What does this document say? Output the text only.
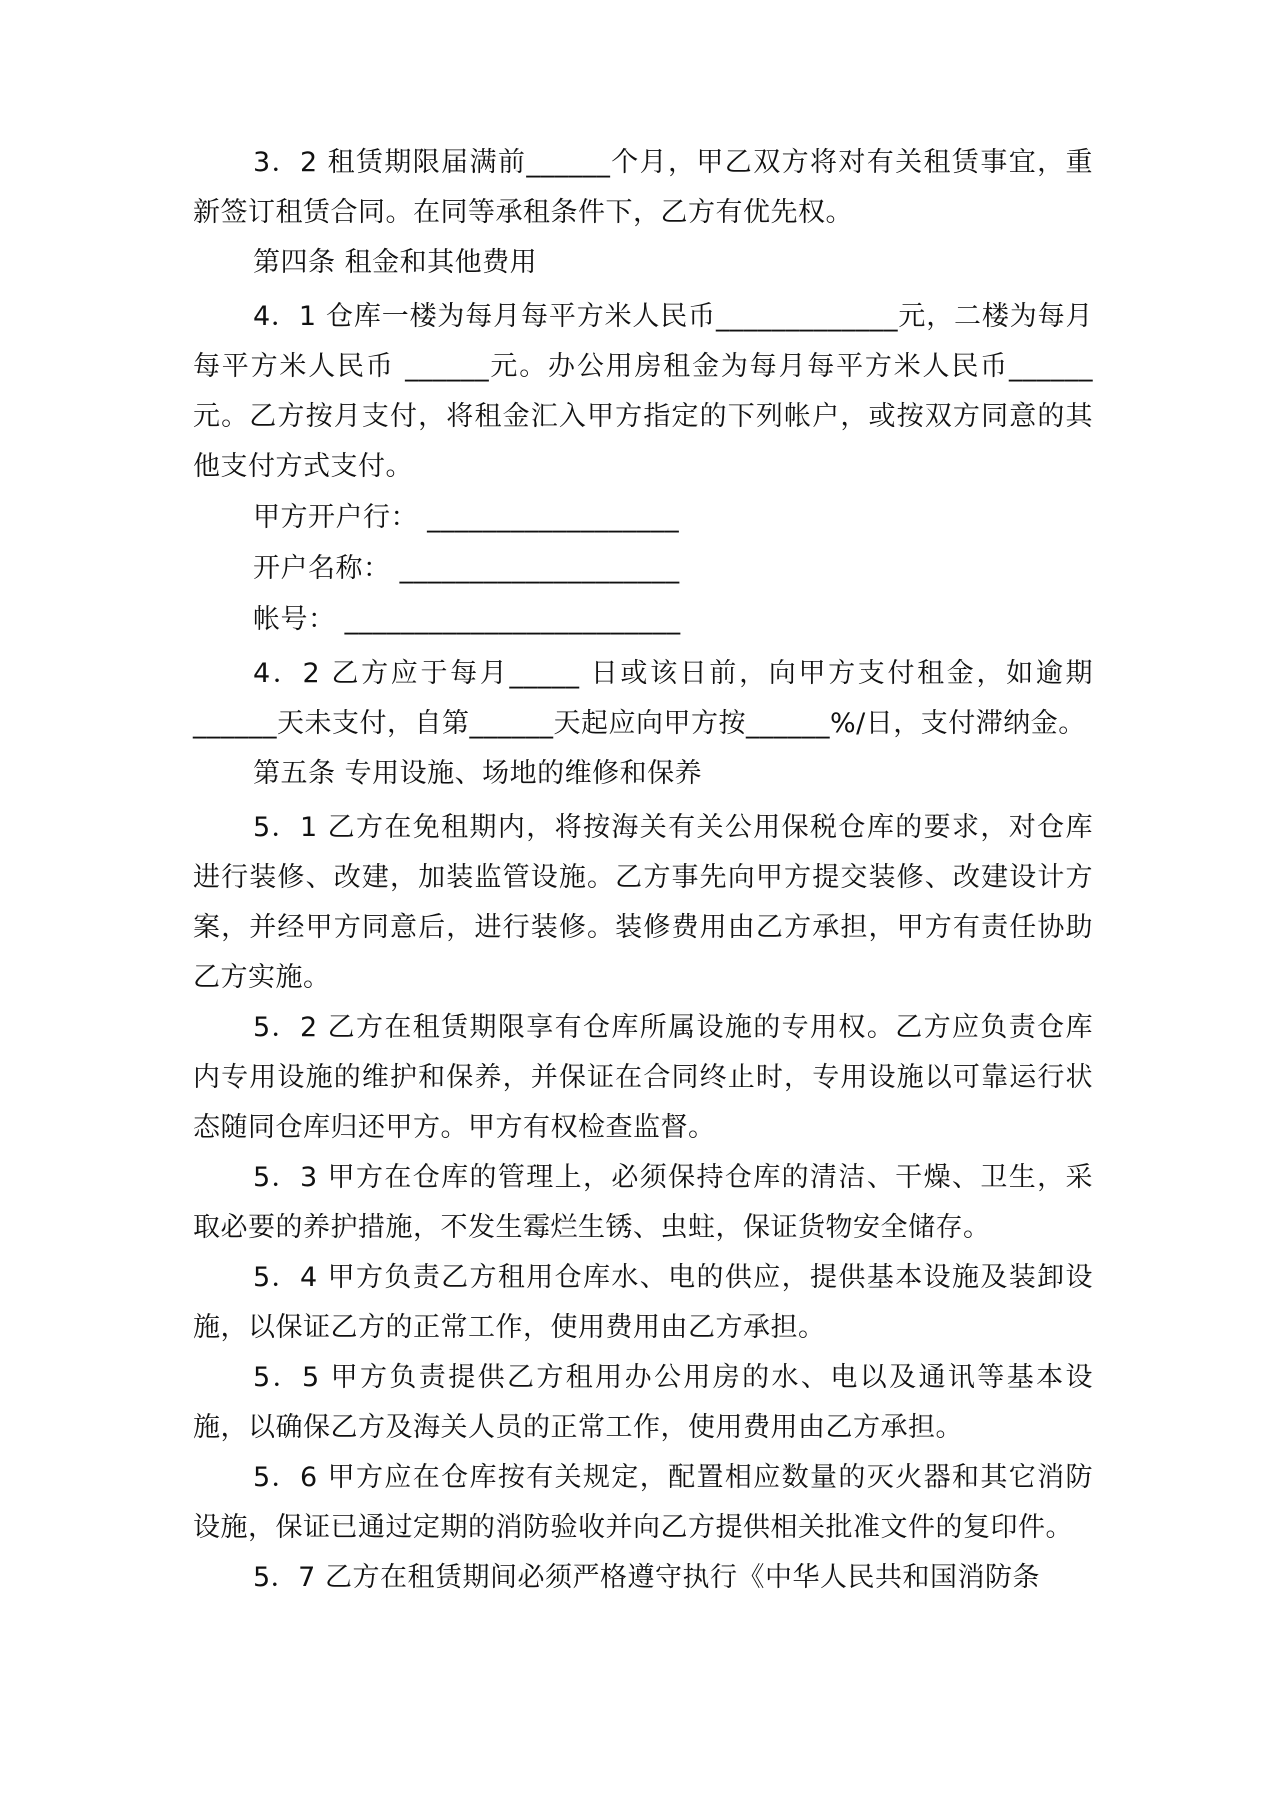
3．2 租赁期限届满前______个月，甲乙双方将对有关租赁事宜，重新签订租赁合同。在同等承租条件下，乙方有优先权。

第四条 租金和其他费用

4．1 仓库一楼为每月每平方米人民币_____________元，二楼为每月每平方米人民币 ______元。办公用房租金为每月每平方米人民币______元。乙方按月支付，将租金汇入甲方指定的下列帐户，或按双方同意的其他支付方式支付。

甲方开户行： __________________

开户名称： ____________________

帐号： ________________________

4．2 乙方应于每月_____ 日或该日前，向甲方支付租金，如逾期______天未支付，自第______天起应向甲方按______%/日，支付滞纳金。

第五条 专用设施、场地的维修和保养

5．1 乙方在免租期内，将按海关有关公用保税仓库的要求，对仓库进行装修、改建，加装监管设施。乙方事先向甲方提交装修、改建设计方案，并经甲方同意后，进行装修。装修费用由乙方承担，甲方有责任协助乙方实施。

5．2 乙方在租赁期限享有仓库所属设施的专用权。乙方应负责仓库内专用设施的维护和保养，并保证在合同终止时，专用设施以可靠运行状态随同仓库归还甲方。甲方有权检查监督。

5．3 甲方在仓库的管理上，必须保持仓库的清洁、干燥、卫生，采取必要的养护措施，不发生霉烂生锈、虫蛀，保证货物安全储存。

5．4 甲方负责乙方租用仓库水、电的供应，提供基本设施及装卸设施，以保证乙方的正常工作，使用费用由乙方承担。

5．5 甲方负责提供乙方租用办公用房的水、电以及通讯等基本设施，以确保乙方及海关人员的正常工作，使用费用由乙方承担。

5．6 甲方应在仓库按有关规定，配置相应数量的灭火器和其它消防设施，保证已通过定期的消防验收并向乙方提供相关批准文件的复印件。

5．7 乙方在租赁期间必须严格遵守执行《中华人民共和国消防条
